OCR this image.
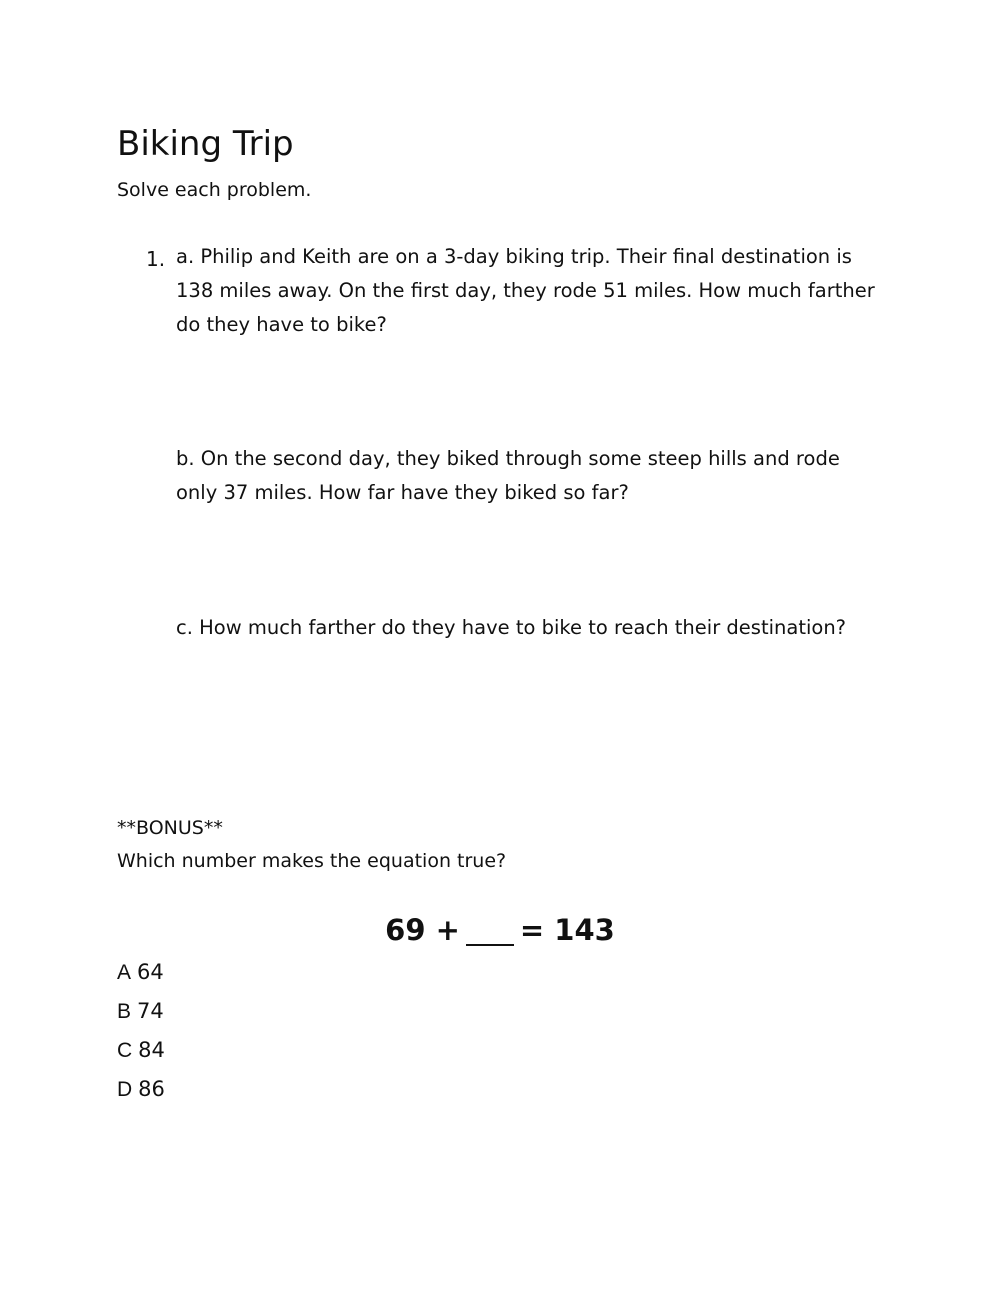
Biking Trip
Solve each problem.
1. a. Philip and Keith are on a 3-day biking trip. Their final destination is 138 miles away. On the first day, they rode 51 miles. How much farther do they have to bike?

b. On the second day, they biked through some steep hills and rode only 37 miles. How far have they biked so far?

c. How much farther do they have to bike to reach their destination?

**BONUS**
Which number makes the equation true?
69 + = 143
A 64
B 74
C 84
D 86
